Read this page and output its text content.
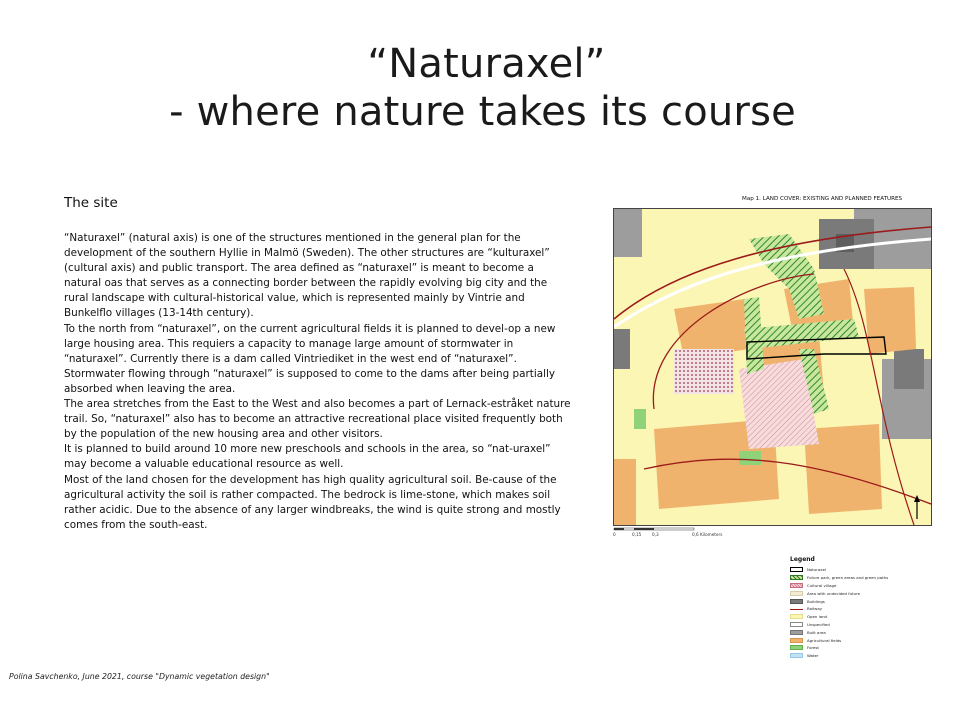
“Naturaxel”
- where nature takes its course
The site

“Naturaxel” (natural axis) is one of the structures mentioned in the general plan for the development of the southern Hyllie in Malmö (Sweden). The other structures are “kulturaxel” (cultural axis) and public transport. The area defined as “naturaxel” is meant to become a natural oas that serves as a connecting border between the rapidly evolving big city and the rural landscape with cultural-historical value, which is represented mainly by Vintrie and Bunkelflo villages (13-14th century).

To the north from “naturaxel”, on the current agricultural fields it is planned to devel-op a new large housing area. This requiers a capacity to manage large amount of stormwater in “naturaxel”. Currently there is a dam called Vintriediket in the west end of “naturaxel”. Stormwater flowing through “naturaxel” is supposed to come to the dams after being partially absorbed when leaving the area.

The area stretches from the East to the West and also becomes a part of Lernack-estråket nature trail. So, “naturaxel” also has to become an attractive recreational place visited frequently both by the population of the new housing area and other visitors.

It is planned to build around 10 more new preschools and schools in the area, so “nat-uraxel” may become a valuable educational resource as well.

Most of the land chosen for the development has high quality agricultural soil. Be-cause of the agricultural activity the soil is rather compacted. The bedrock is lime-stone, which makes soil rather acidic. Due to the absence of any larger windbreaks, the wind is quite strong and mostly comes from the south-east.

Map 1. LAND COVER: EXISTING AND PLANNED FEATURES
0	0,15	0,3	0,6 Kilometers
Legend
Naturaxel
Future park, green areas and green paths
Cultural village
Area with undecided future
Buildings
Railway
Open land
Unspecified
Built area
Agricultural fields
Forest
Water
Polina Savchenko, June 2021, course "Dynamic vegetation design"
